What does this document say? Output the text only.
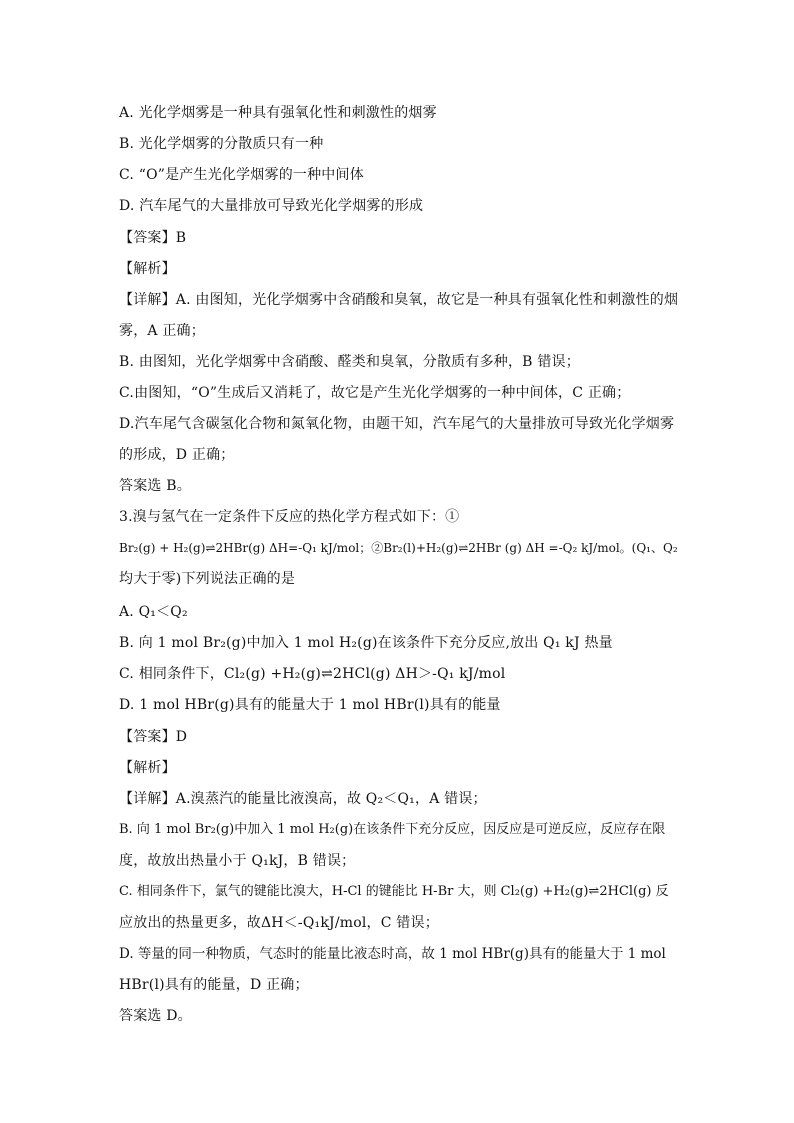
A. 光化学烟雾是一种具有强氧化性和刺激性的烟雾
B. 光化学烟雾的分散质只有一种
C. “O”是产生光化学烟雾的一种中间体
D. 汽车尾气的大量排放可导致光化学烟雾的形成
【答案】B
【解析】
【详解】A. 由图知，光化学烟雾中含硝酸和臭氧，故它是一种具有强氧化性和刺激性的烟
雾，A 正确；
B. 由图知，光化学烟雾中含硝酸、醛类和臭氧，分散质有多种，B 错误；
C.由图知，“O”生成后又消耗了，故它是产生光化学烟雾的一种中间体，C 正确；
D.汽车尾气含碳氢化合物和氮氧化物，由题干知，汽车尾气的大量排放可导致光化学烟雾
的形成，D 正确；
答案选 B。
3.溴与氢气在一定条件下反应的热化学方程式如下：①
Br₂(g) + H₂(g)⇌2HBr(g) ΔH=-Q₁ kJ/mol；②Br₂(l)+H₂(g)⇌2HBr (g) ΔH =-Q₂ kJ/mol。(Q₁、Q₂
均大于零)下列说法正确的是
A. Q₁＜Q₂
B. 向 1 mol Br₂(g)中加入 1 mol H₂(g)在该条件下充分反应,放出 Q₁ kJ 热量
C. 相同条件下，Cl₂(g) +H₂(g)⇌2HCl(g) ΔH＞-Q₁ kJ/mol
D. 1 mol HBr(g)具有的能量大于 1 mol HBr(l)具有的能量
【答案】D
【解析】
【详解】A.溴蒸汽的能量比液溴高，故 Q₂＜Q₁，A 错误；
B. 向 1 mol Br₂(g)中加入 1 mol H₂(g)在该条件下充分反应，因反应是可逆反应，反应存在限
度，故放出热量小于 Q₁kJ，B 错误；
C. 相同条件下，氯气的键能比溴大，H-Cl 的键能比 H-Br 大，则 Cl₂(g) +H₂(g)⇌2HCl(g) 反
应放出的热量更多，故ΔH＜-Q₁kJ/mol，C 错误；
D. 等量的同一种物质，气态时的能量比液态时高，故 1 mol HBr(g)具有的能量大于 1 mol
HBr(l)具有的能量，D 正确；
答案选 D。
